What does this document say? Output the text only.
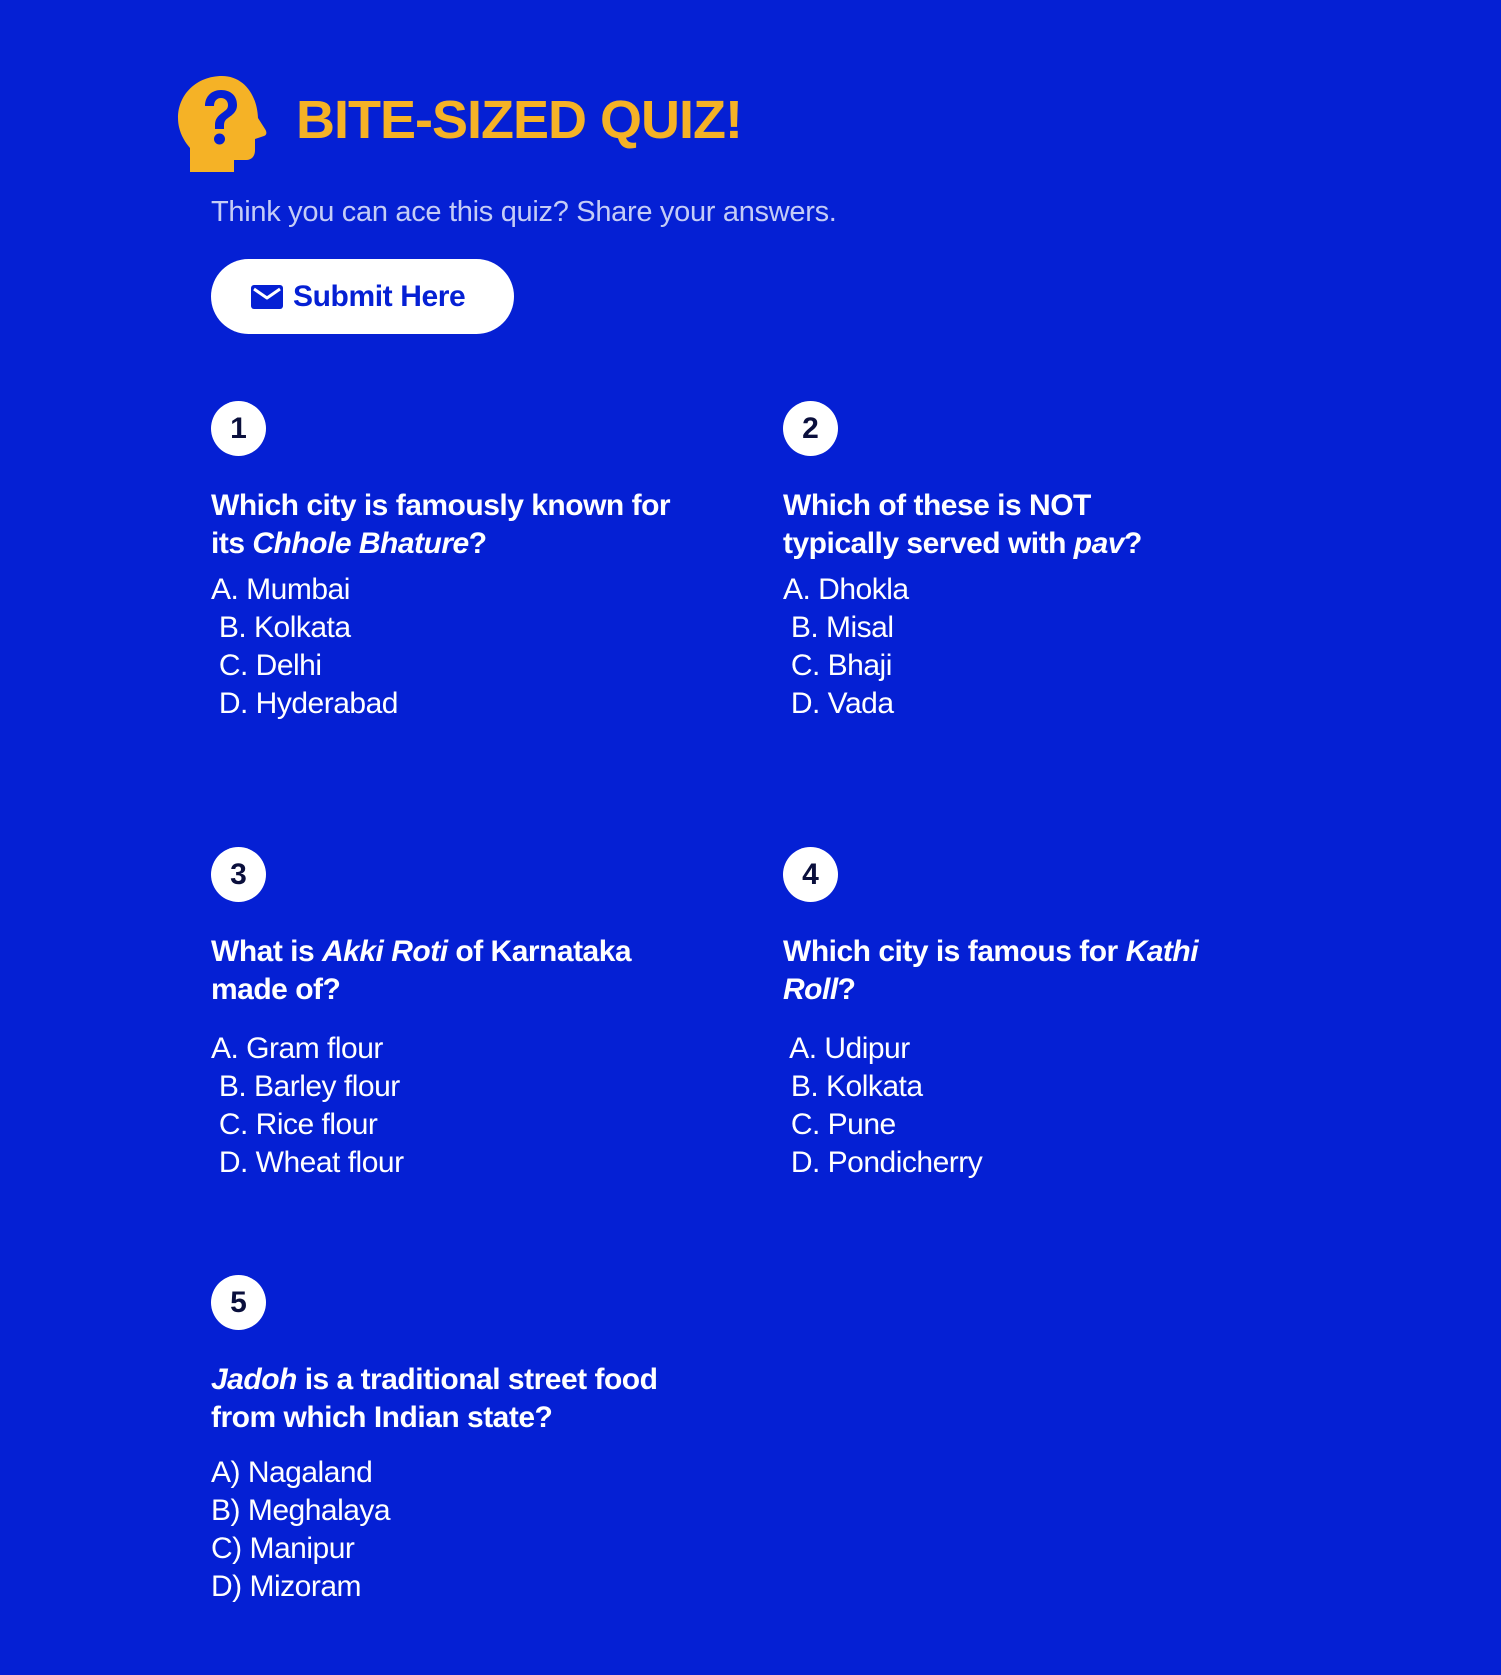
BITE-SIZED QUIZ!
Think you can ace this quiz? Share your answers.
Submit Here
1
Which city is famously known for its Chhole Bhature?
A. Mumbai
B. Kolkata
C. Delhi
D. Hyderabad
2
Which of these is NOT typically served with pav?
A. Dhokla
B. Misal
C. Bhaji
D. Vada
3
What is Akki Roti of Karnataka made of?
A. Gram flour
B. Barley flour
C. Rice flour
D. Wheat flour
4
Which city is famous for Kathi Roll?
A. Udipur
B. Kolkata
C. Pune
D. Pondicherry
5
Jadoh is a traditional street food from which Indian state?
A) Nagaland
B) Meghalaya
C) Manipur
D) Mizoram
